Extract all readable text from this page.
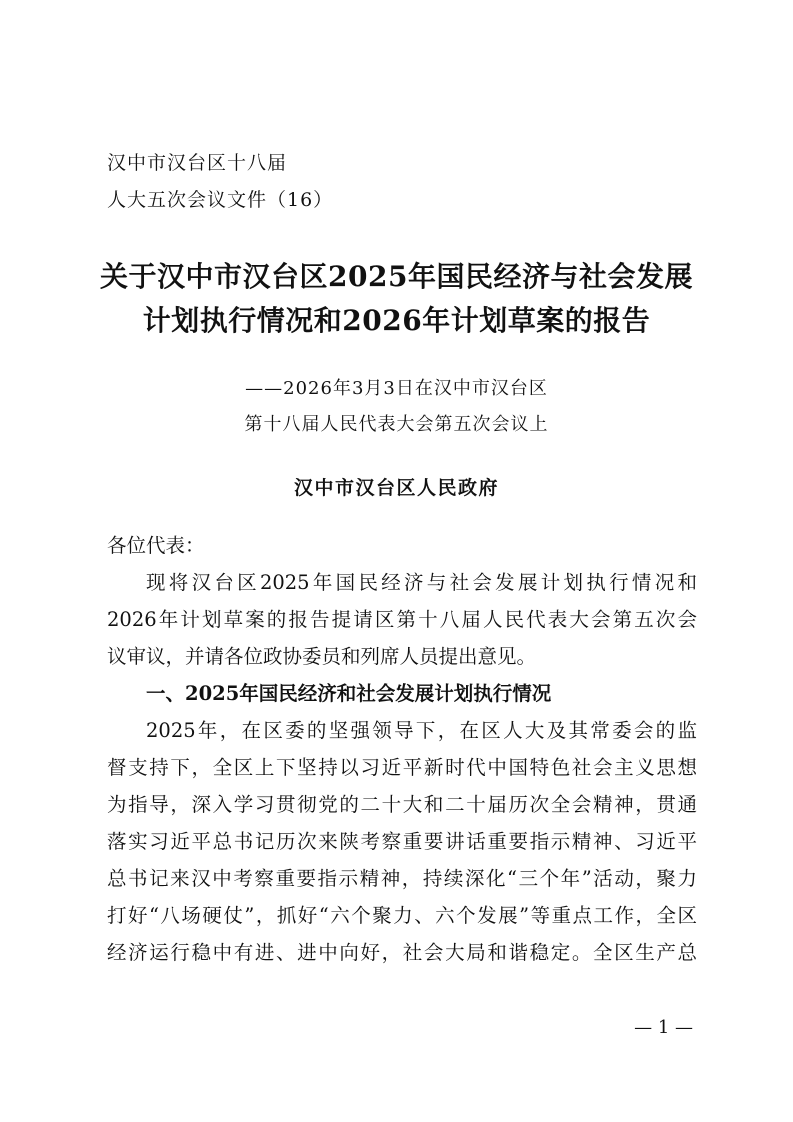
汉中市汉台区十八届
人大五次会议文件（16）
关于汉中市汉台区2025年国民经济与社会发展
计划执行情况和2026年计划草案的报告
——2026年3月3日在汉中市汉台区
第十八届人民代表大会第五次会议上
汉中市汉台区人民政府
各位代表：
现将汉台区2025年国民经济与社会发展计划执行情况和
2026年计划草案的报告提请区第十八届人民代表大会第五次会
议审议，并请各位政协委员和列席人员提出意见。
一、2025年国民经济和社会发展计划执行情况
2025年，在区委的坚强领导下，在区人大及其常委会的监
督支持下，全区上下坚持以习近平新时代中国特色社会主义思想
为指导，深入学习贯彻党的二十大和二十届历次全会精神，贯通
落实习近平总书记历次来陕考察重要讲话重要指示精神、习近平
总书记来汉中考察重要指示精神，持续深化“三个年”活动，聚力
打好“八场硬仗”，抓好“六个聚力、六个发展”等重点工作，全区
经济运行稳中有进、进中向好，社会大局和谐稳定。全区生产总
— 1 —
